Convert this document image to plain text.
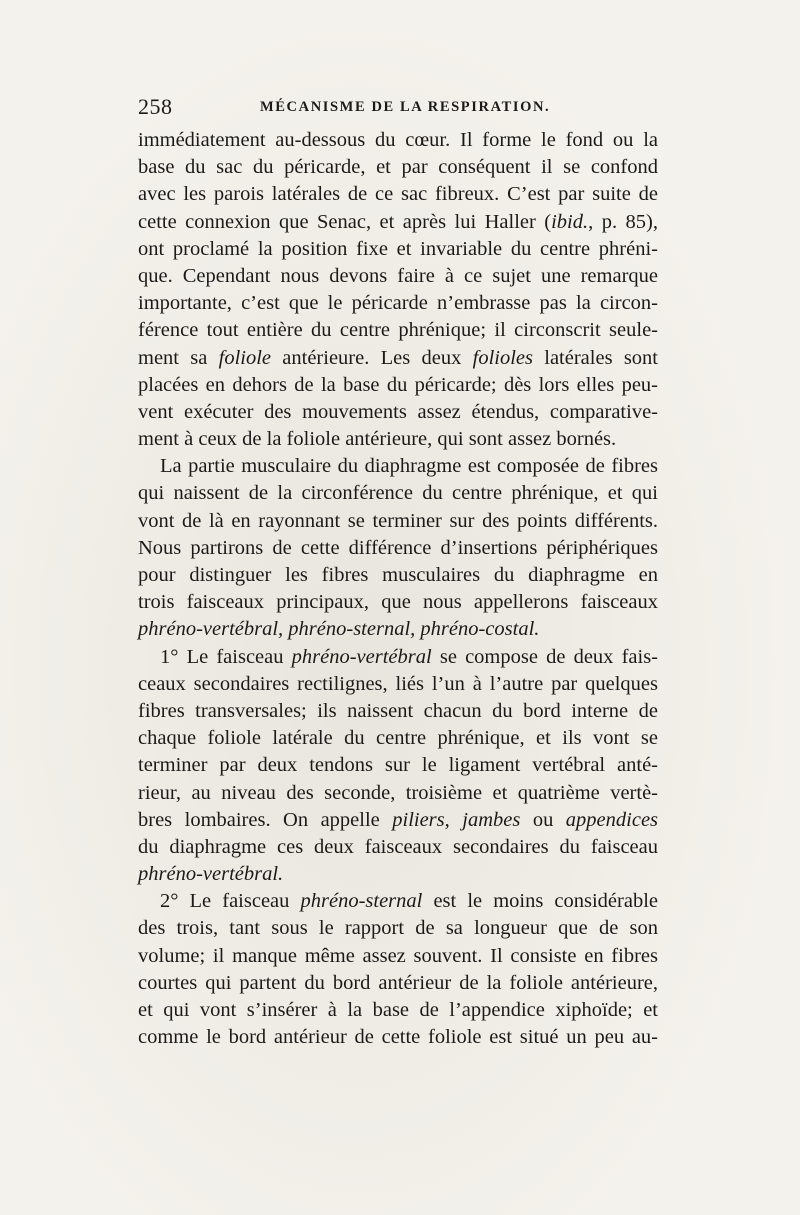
258	MÉCANISME DE LA RESPIRATION.
immédiatement au-dessous du cœur. Il forme le fond ou la
base du sac du péricarde, et par conséquent il se confond
avec les parois latérales de ce sac fibreux. C’est par suite de
cette connexion que Senac, et après lui Haller (ibid., p. 85),
ont proclamé la position fixe et invariable du centre phréni-
que. Cependant nous devons faire à ce sujet une remarque
importante, c’est que le péricarde n’embrasse pas la circon-
férence tout entière du centre phrénique; il circonscrit seule-
ment sa foliole antérieure. Les deux folioles latérales sont
placées en dehors de la base du péricarde; dès lors elles peu-
vent exécuter des mouvements assez étendus, comparative-
ment à ceux de la foliole antérieure, qui sont assez bornés.
La partie musculaire du diaphragme est composée de fibres
qui naissent de la circonférence du centre phrénique, et qui
vont de là en rayonnant se terminer sur des points différents.
Nous partirons de cette différence d’insertions périphériques
pour distinguer les fibres musculaires du diaphragme en
trois faisceaux principaux, que nous appellerons faisceaux
phréno-vertébral, phréno-sternal, phréno-costal.
1° Le faisceau phréno-vertébral se compose de deux fais-
ceaux secondaires rectilignes, liés l’un à l’autre par quelques
fibres transversales; ils naissent chacun du bord interne de
chaque foliole latérale du centre phrénique, et ils vont se
terminer par deux tendons sur le ligament vertébral anté-
rieur, au niveau des seconde, troisième et quatrième vertè-
bres lombaires. On appelle piliers, jambes ou appendices
du diaphragme ces deux faisceaux secondaires du faisceau
phréno-vertébral.
2° Le faisceau phréno-sternal est le moins considérable
des trois, tant sous le rapport de sa longueur que de son
volume; il manque même assez souvent. Il consiste en fibres
courtes qui partent du bord antérieur de la foliole antérieure,
et qui vont s’insérer à la base de l’appendice xiphoïde; et
comme le bord antérieur de cette foliole est situé un peu au-
